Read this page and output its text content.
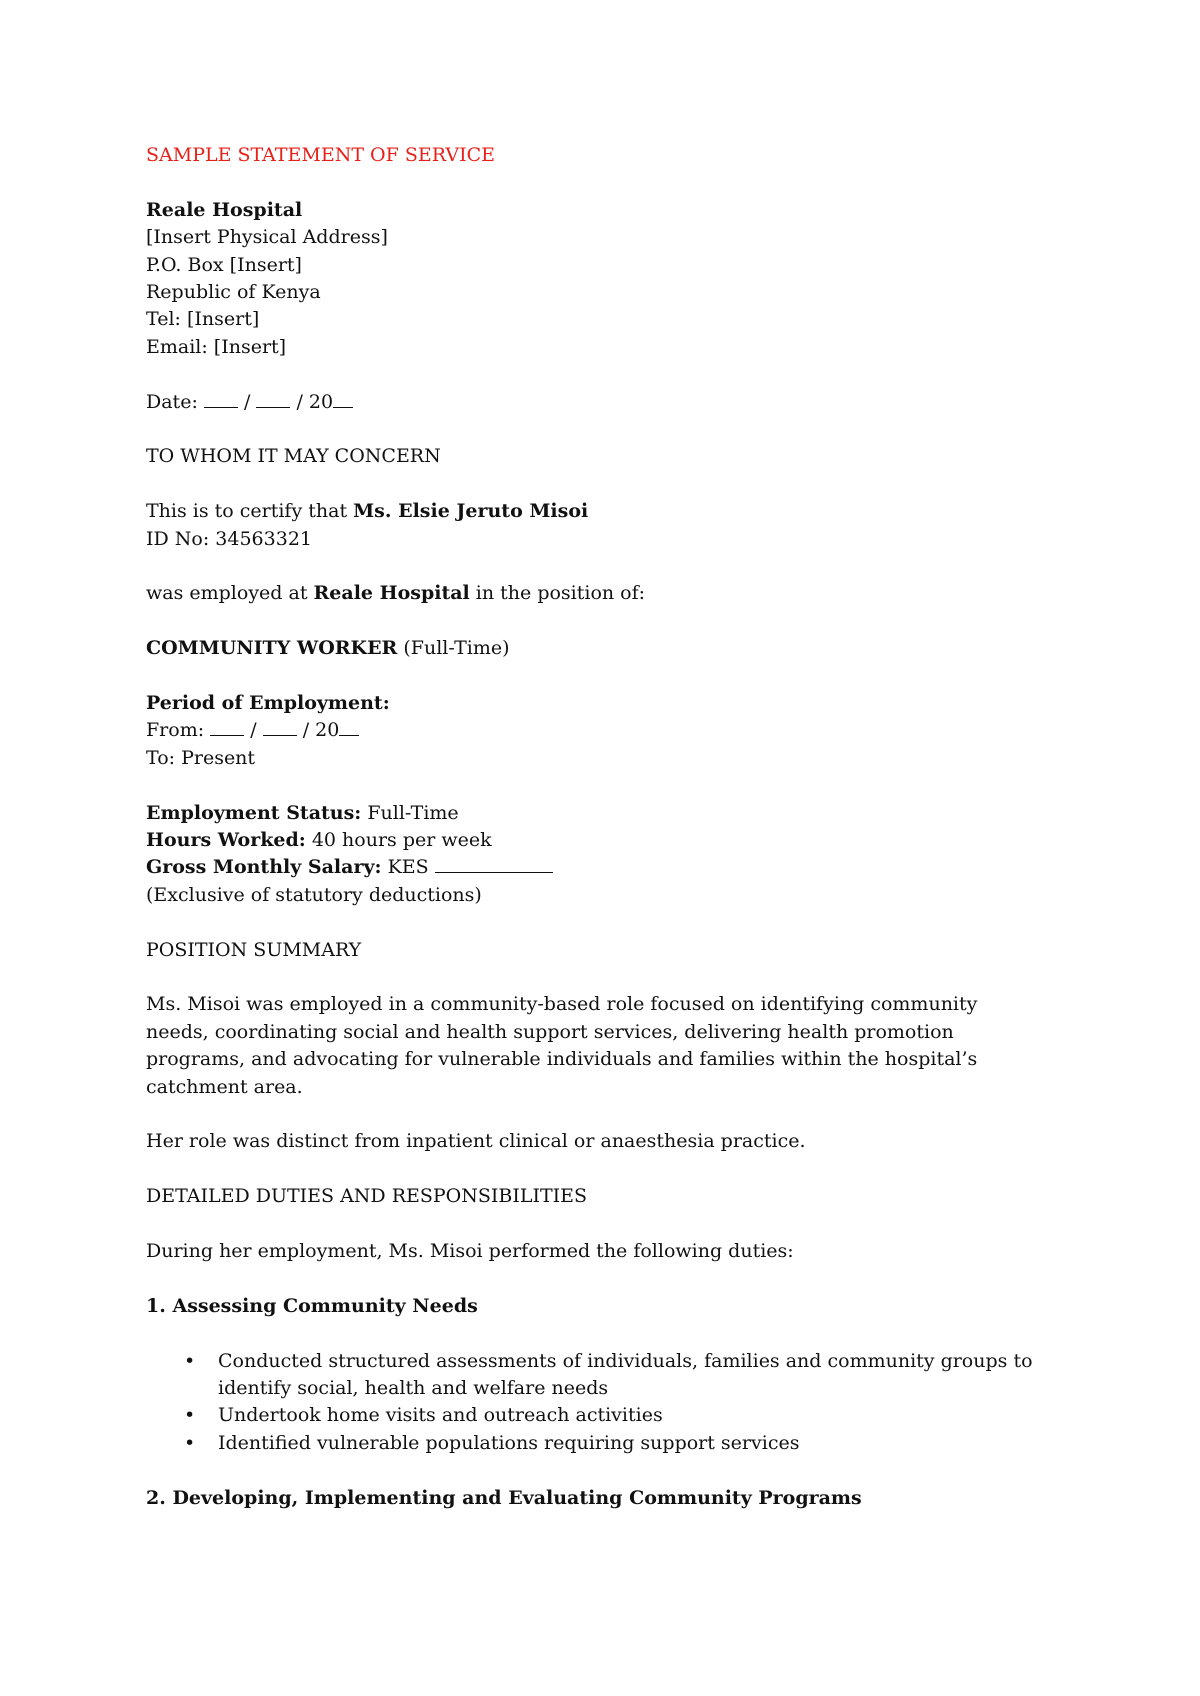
SAMPLE STATEMENT OF SERVICE
Reale Hospital
[Insert Physical Address]
P.O. Box [Insert]
Republic of Kenya
Tel: [Insert]
Email: [Insert]
Date: / / 20
TO WHOM IT MAY CONCERN
This is to certify that Ms. Elsie Jeruto Misoi
ID No: 34563321
was employed at Reale Hospital in the position of:
COMMUNITY WORKER (Full-Time)
Period of Employment:
From: / / 20
To: Present
Employment Status: Full-Time
Hours Worked: 40 hours per week
Gross Monthly Salary: KES
(Exclusive of statutory deductions)
POSITION SUMMARY
Ms. Misoi was employed in a community-based role focused on identifying community
needs, coordinating social and health support services, delivering health promotion
programs, and advocating for vulnerable individuals and families within the hospital’s
catchment area.
Her role was distinct from inpatient clinical or anaesthesia practice.
DETAILED DUTIES AND RESPONSIBILITIES
During her employment, Ms. Misoi performed the following duties:
1. Assessing Community Needs
• Conducted structured assessments of individuals, families and community groups to
identify social, health and welfare needs
• Undertook home visits and outreach activities
• Identified vulnerable populations requiring support services
2. Developing, Implementing and Evaluating Community Programs
